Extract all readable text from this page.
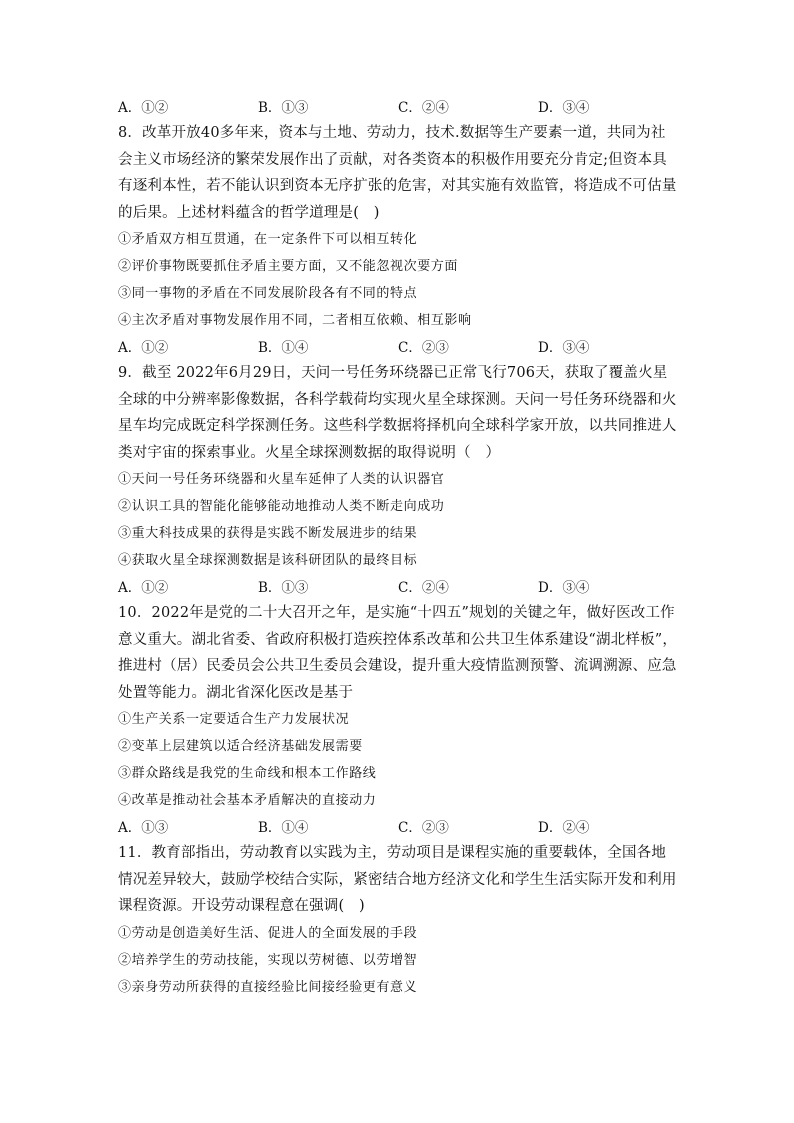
A．①②	B．①③	C．②④	D．③④
8．改革开放40多年来，资本与土地、劳动力，技术.数据等生产要素一道，共同为社会主义市场经济的繁荣发展作出了贡献，对各类资本的积极作用要充分肯定;但资本具有逐利本性，若不能认识到资本无序扩张的危害，对其实施有效监管，将造成不可估量的后果。上述材料蕴含的哲学道理是(　)
①矛盾双方相互贯通，在一定条件下可以相互转化
②评价事物既要抓住矛盾主要方面，又不能忽视次要方面
③同一事物的矛盾在不同发展阶段各有不同的特点
④主次矛盾对事物发展作用不同，二者相互依赖、相互影响
A．①②	B．①④	C．②③	D．③④
9．截至 2022年6月29日，天问一号任务环绕器已正常飞行706天，获取了覆盖火星全球的中分辨率影像数据，各科学载荷均实现火星全球探测。天问一号任务环绕器和火星车均完成既定科学探测任务。这些科学数据将择机向全球科学家开放，以共同推进人类对宇宙的探索事业。火星全球探测数据的取得说明（　）
①天问一号任务环绕器和火星车延伸了人类的认识器官
②认识工具的智能化能够能动地推动人类不断走向成功
③重大科技成果的获得是实践不断发展进步的结果
④获取火星全球探测数据是该科研团队的最终目标
A．①②	B．①③	C．②④	D．③④
10．2022年是党的二十大召开之年，是实施“十四五”规划的关键之年，做好医改工作意义重大。湖北省委、省政府积极打造疾控体系改革和公共卫生体系建设“湖北样板”，推进村（居）民委员会公共卫生委员会建设，提升重大疫情监测预警、流调溯源、应急处置等能力。湖北省深化医改是基于
①生产关系一定要适合生产力发展状况
②变革上层建筑以适合经济基础发展需要
③群众路线是我党的生命线和根本工作路线
④改革是推动社会基本矛盾解决的直接动力
A．①③	B．①④	C．②③	D．②④
11．教育部指出，劳动教育以实践为主，劳动项目是课程实施的重要载体，全国各地情况差异较大，鼓励学校结合实际，紧密结合地方经济文化和学生生活实际开发和利用课程资源。开设劳动课程意在强调(　)
①劳动是创造美好生活、促进人的全面发展的手段
②培养学生的劳动技能，实现以劳树德、以劳增智
③亲身劳动所获得的直接经验比间接经验更有意义
